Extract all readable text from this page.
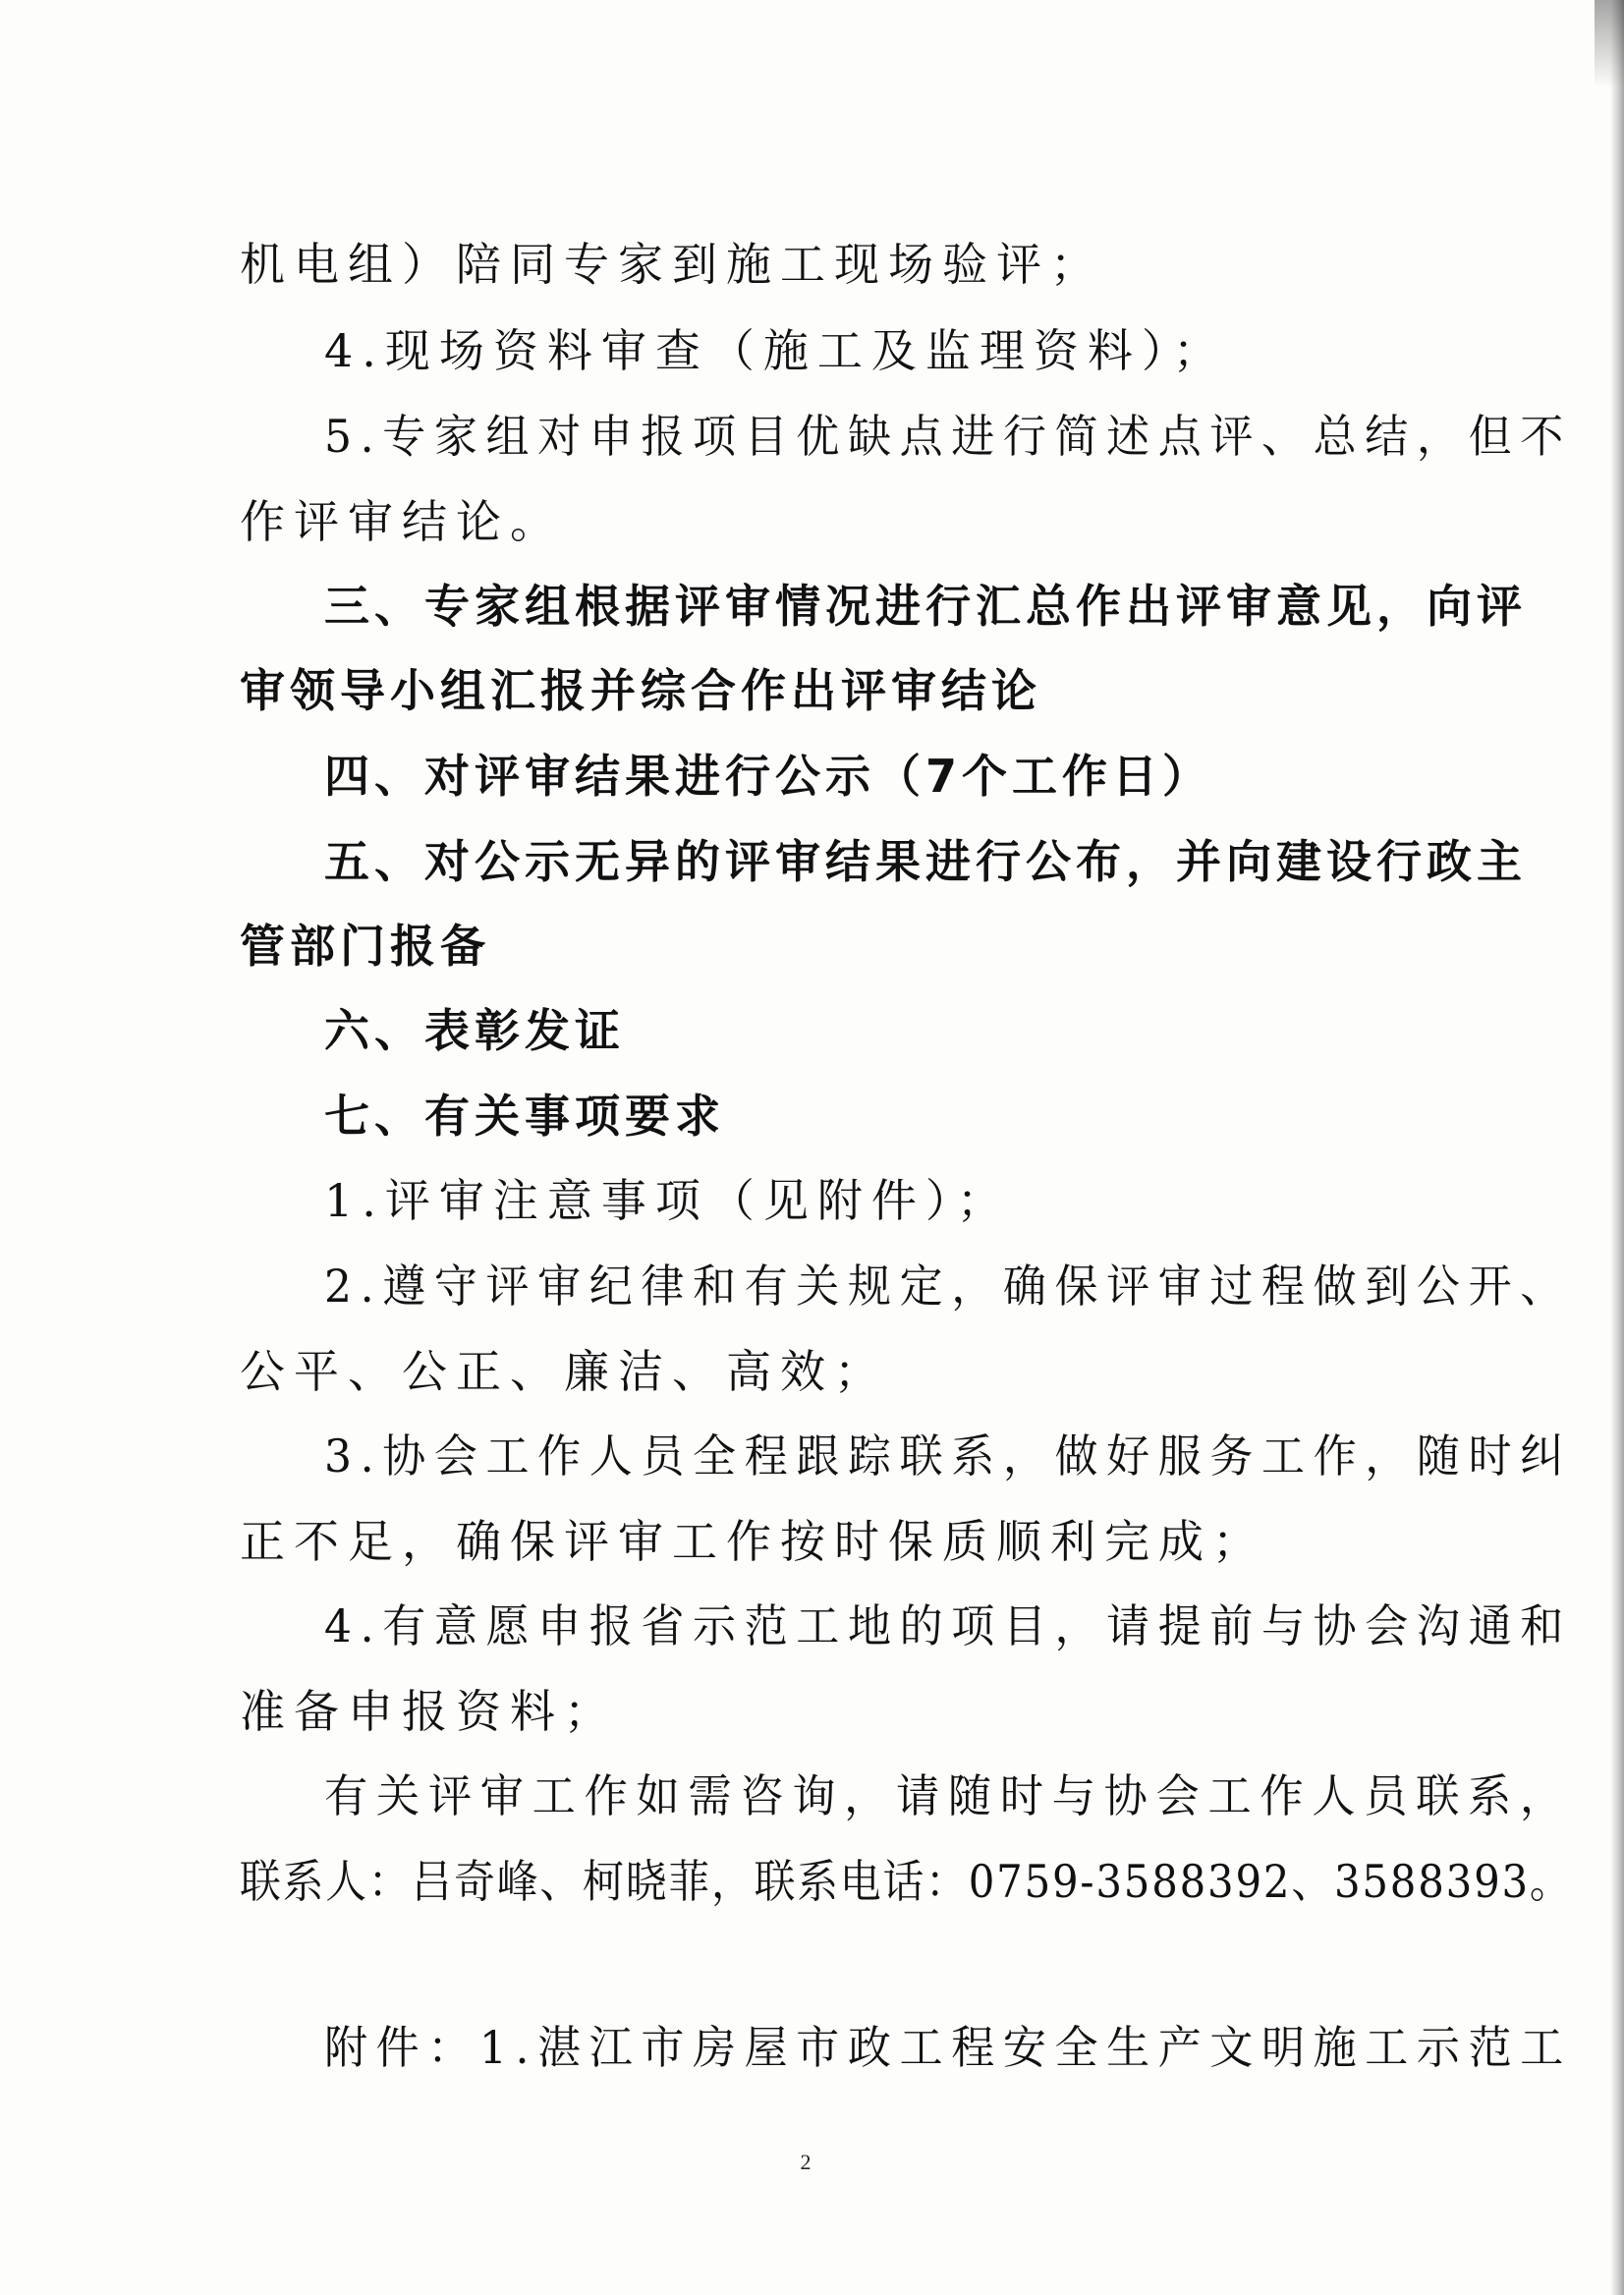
机电组）陪同专家到施工现场验评；
4.现场资料审查（施工及监理资料）；
5.专家组对申报项目优缺点进行简述点评、总结，但不
作评审结论。
三、专家组根据评审情况进行汇总作出评审意见，向评
审领导小组汇报并综合作出评审结论
四、对评审结果进行公示（7个工作日）
五、对公示无异的评审结果进行公布，并向建设行政主
管部门报备
六、表彰发证
七、有关事项要求
1.评审注意事项（见附件）；
2.遵守评审纪律和有关规定，确保评审过程做到公开、
公平、公正、廉洁、高效；
3.协会工作人员全程跟踪联系，做好服务工作，随时纠
正不足，确保评审工作按时保质顺利完成；
4.有意愿申报省示范工地的项目，请提前与协会沟通和
准备申报资料；
有关评审工作如需咨询，请随时与协会工作人员联系，
联系人：吕奇峰、柯晓菲，联系电话：0759-3588392、3588393。
附件：1.湛江市房屋市政工程安全生产文明施工示范工
2
